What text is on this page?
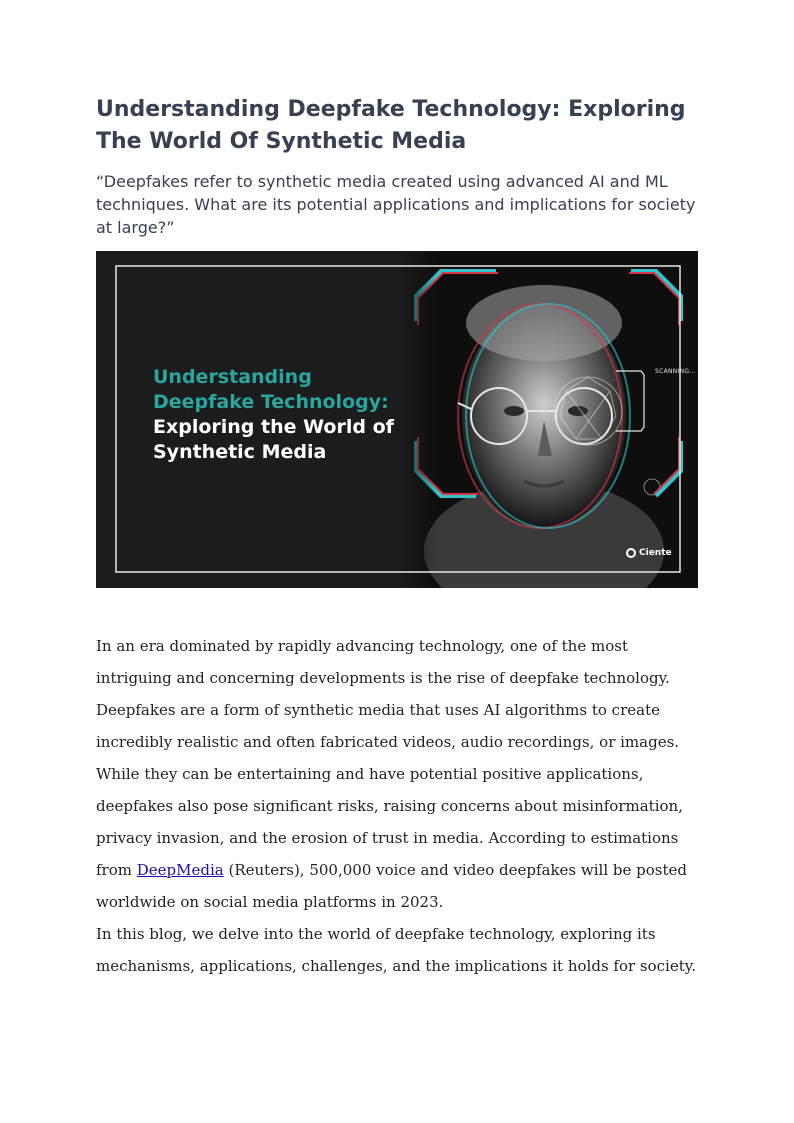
Understanding Deepfake Technology: Exploring The World Of Synthetic Media

“Deepfakes refer to synthetic media created using advanced AI and ML techniques. What are its potential applications and implications for society at large?”

Understanding
Deepfake Technology:
Exploring the World of
Synthetic Media
SCANNING...
Ciente

In an era dominated by rapidly advancing technology, one of the most intriguing and concerning developments is the rise of deepfake technology. Deepfakes are a form of synthetic media that uses AI algorithms to create incredibly realistic and often fabricated videos, audio recordings, or images. While they can be entertaining and have potential positive applications, deepfakes also pose significant risks, raising concerns about misinformation, privacy invasion, and the erosion of trust in media. According to estimations from DeepMedia (Reuters), 500,000 voice and video deepfakes will be posted worldwide on social media platforms in 2023.

In this blog, we delve into the world of deepfake technology, exploring its mechanisms, applications, challenges, and the implications it holds for society.
